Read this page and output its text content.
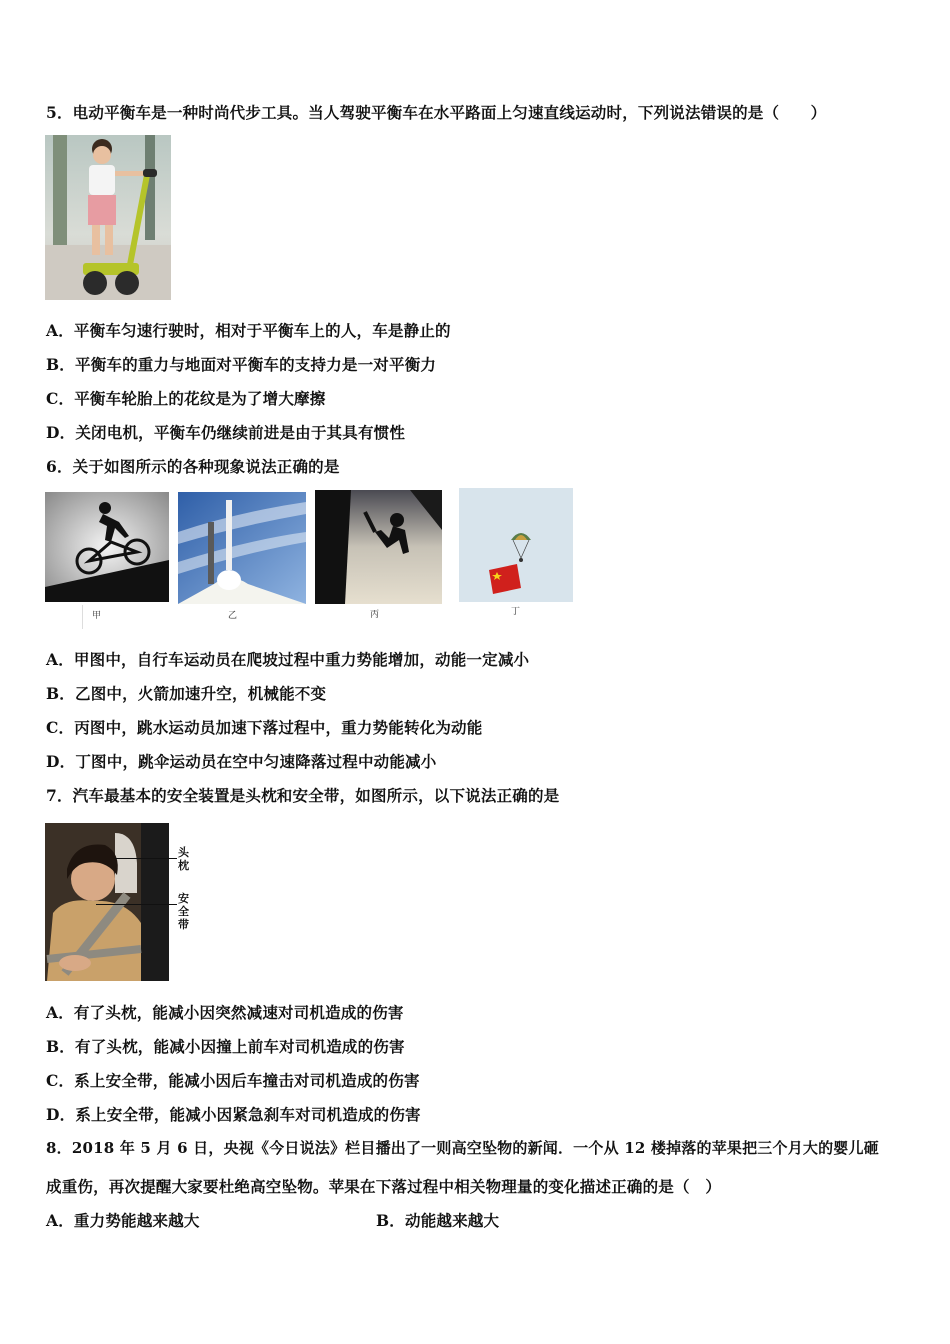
5．电动平衡车是一种时尚代步工具。当人驾驶平衡车在水平路面上匀速直线运动时，下列说法错误的是（　　）
A．平衡车匀速行驶时，相对于平衡车上的人，车是静止的
B．平衡车的重力与地面对平衡车的支持力是一对平衡力
C．平衡车轮胎上的花纹是为了增大摩擦
D．关闭电机，平衡车仍继续前进是由于其具有惯性
6．关于如图所示的各种现象说法正确的是
甲	乙	丙	丁
A．甲图中，自行车运动员在爬坡过程中重力势能增加，动能一定减小
B．乙图中，火箭加速升空，机械能不变
C．丙图中，跳水运动员加速下落过程中，重力势能转化为动能
D．丁图中，跳伞运动员在空中匀速降落过程中动能减小
7．汽车最基本的安全装置是头枕和安全带，如图所示，以下说法正确的是
头枕
安全带
A．有了头枕，能减小因突然减速对司机造成的伤害
B．有了头枕，能减小因撞上前车对司机造成的伤害
C．系上安全带，能减小因后车撞击对司机造成的伤害
D．系上安全带，能减小因紧急刹车对司机造成的伤害
8．2018 年 5 月 6 日，央视《今日说法》栏目播出了一则高空坠物的新闻．一个从 12 楼掉落的苹果把三个月大的婴儿砸
成重伤，再次提醒大家要杜绝高空坠物。苹果在下落过程中相关物理量的变化描述正确的是（　）
A．重力势能越来越大	B．动能越来越大
